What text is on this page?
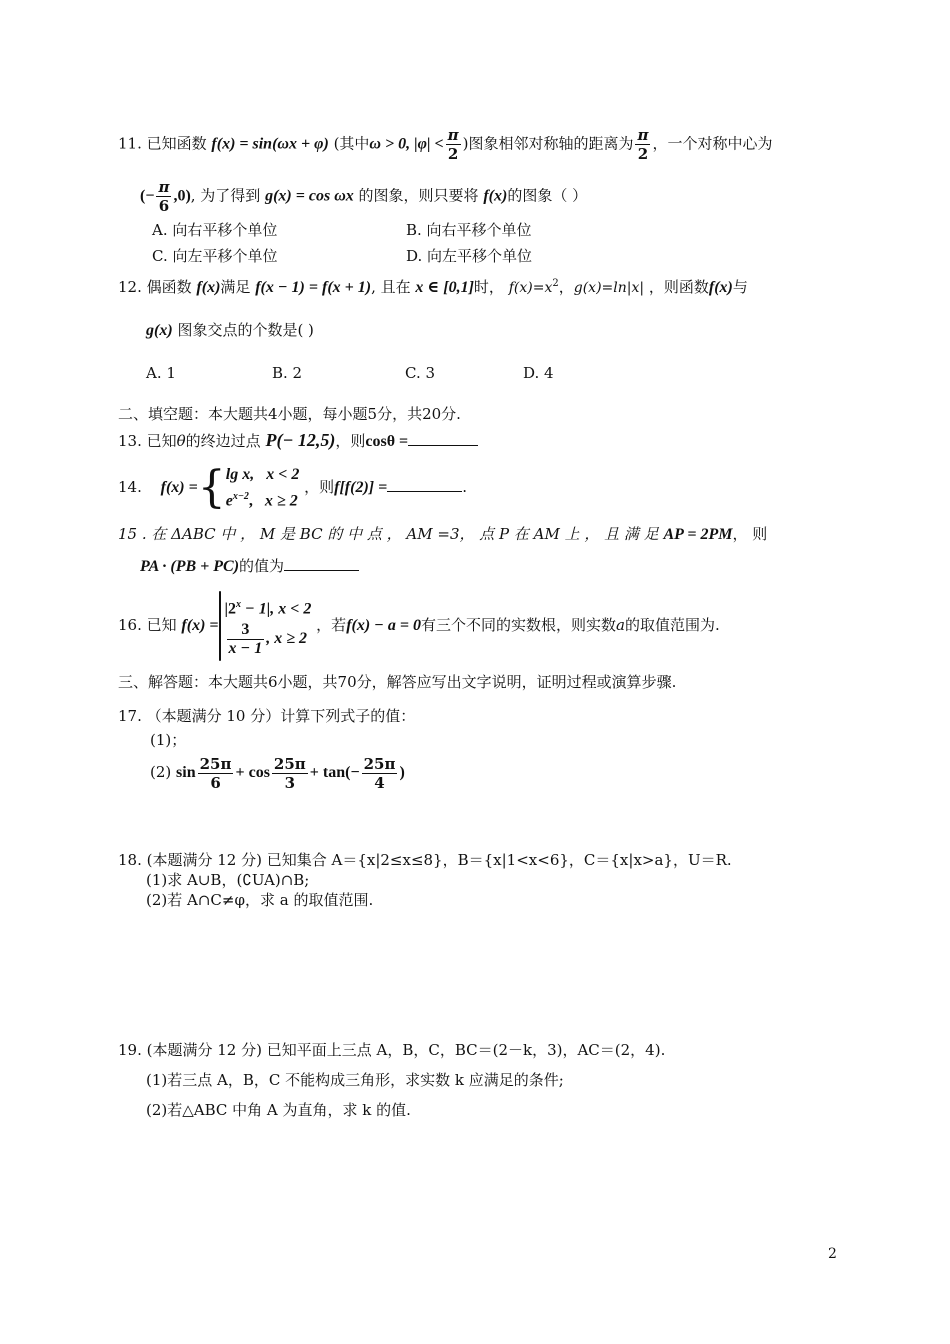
11. 已知函数 f(x) = sin(ωx + φ) (其中ω > 0, $|\varphi| < \frac{\pi}{2}$ )图象相邻对称轴的距离为 $\frac{\pi}{2}$ ，一个对称中心为
(− $\frac{\pi}{6} ,0$), 为了得到 g(x) = cos ωx 的图象，则只要将 f(x)的图象（ ）
A. 向右平移个单位	B. 向右平移个单位
C. 向左平移个单位	D. 向左平移个单位
12. 偶函数 f(x)满足 f(x − 1) = f(x + 1), 且在 x ∈ [0,1]时， $f(x)=x^2$，g(x)=ln|x| ，则函数f(x)与
g(x) 图象交点的个数是( )
A. 1	B. 2	C. 3	D. 4
二、填空题：本大题共4小题，每小题5分，共20分.
13. 已知θ的终边过点 P(− 12,5)，则cosθ =
14. f(x) ={ lg x, x < 2
$e^{x-2}$, x ≥ 2
，则f[f(2)] =	.
15 . 在 ΔABC 中 ， M 是 BC 的 中 点 ， AM =3， 点 P 在 AM 上 ， 且 满 足 AP = 2PM， 则
PA · (PB + PC)的值为
16. 已知 f(x) =
$|2^x - 1|$, x < 2
$\frac{3}{x - 1}$ , x ≥ 2
，若f(x) − a = 0有三个不同的实数根，则实数a的取值范围为.
三、解答题：本大题共6小题，共70分，解答应写出文字说明，证明过程或演算步骤.
17. （本题满分 10 分）计算下列式子的值：
(1)；
(2) $\sin \frac{25\pi}{6} + \cos \frac{25\pi}{3} + \tan(- \frac{25\pi}{4}$ )
18. (本题满分 12 分) 已知集合 A＝{x|2≤x≤8}，B＝{x|1<x<6}，C＝{x|x>a}，U＝R.
(1)求 A∪B，(∁UA)∩B;
(2)若 A∩C≠φ，求 a 的取值范围.
19. (本题满分 12 分) 已知平面上三点 A，B，C，BC＝(2－k，3)，AC＝(2，4).
(1)若三点 A，B，C 不能构成三角形，求实数 k 应满足的条件;
(2)若△ABC 中角 A 为直角，求 k 的值.
2
